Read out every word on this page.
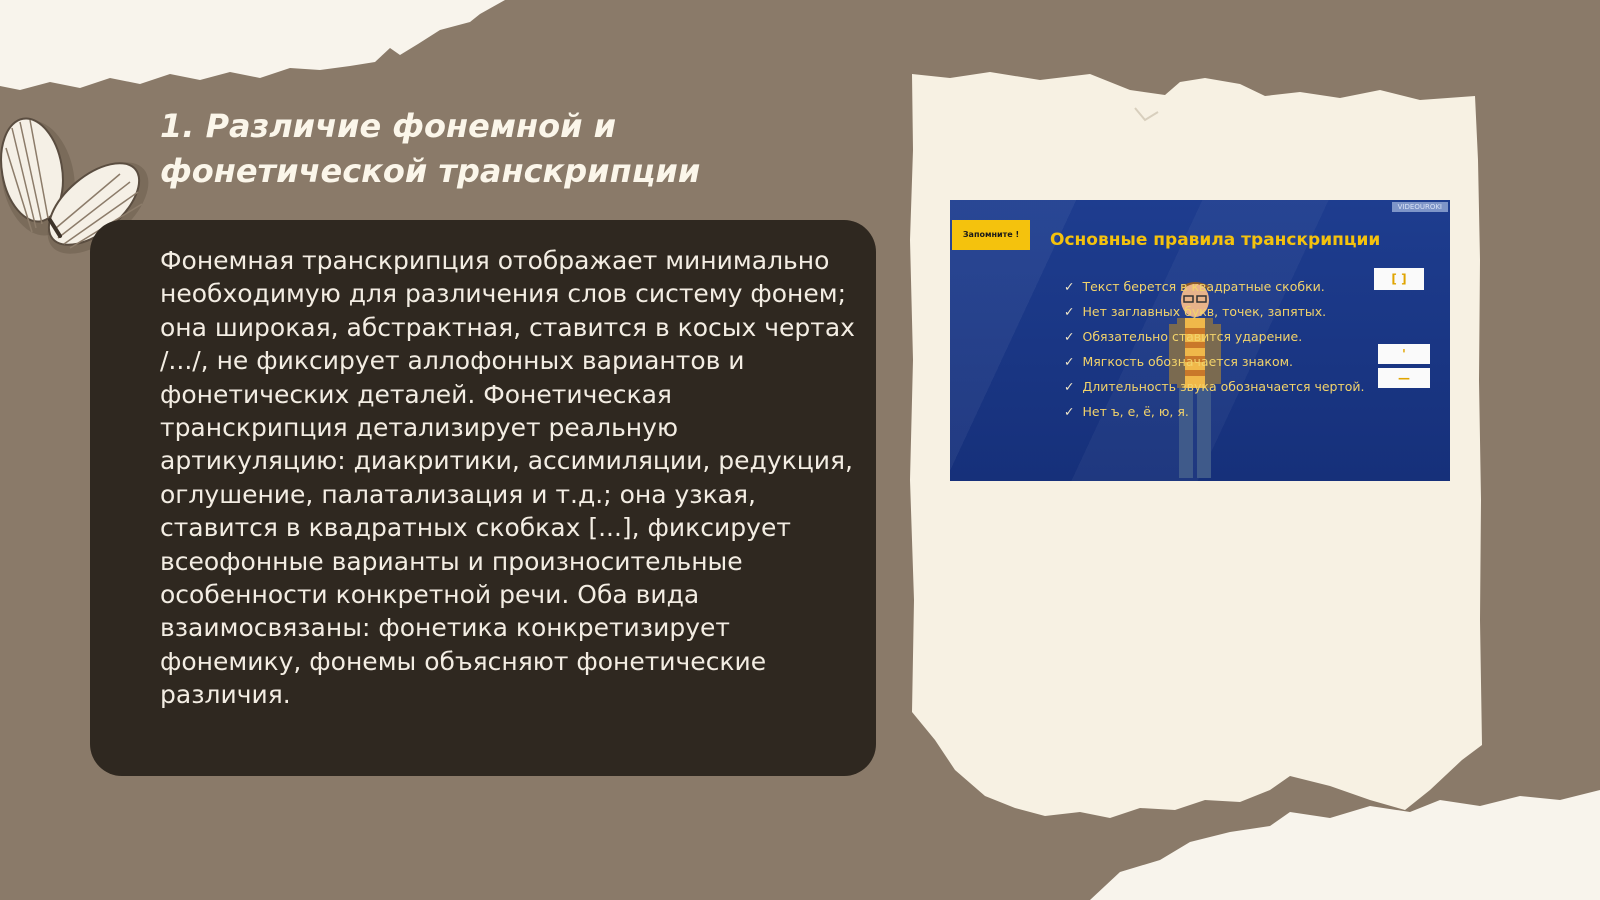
1. Различие фонемной и фонетической транскрипции

Фонемная транскрипция отображает минимально необходимую для различения слов систему фонем; она широкая, абстрактная, ставится в косых чертах /.../, не фиксирует аллофонных вариантов и фонетических деталей. Фонетическая транскрипция детализирует реальную артикуляцию: диакритики, ассимиляции, редукция, оглушение, палатализация и т.д.; она узкая, ставится в квадратных скобках [...], фиксирует всеофонные варианты и произносительные особенности конкретной речи. Оба вида взаимосвязаны: фонетика конкретизирует фонемику, фонемы объясняют фонетические различия.

Запомните !
VIDEOUROKI
Основные правила транскрипции
✓ Текст берется в квадратные скобки.
✓ Нет заглавных букв, точек, запятых.
✓ Обязательно ставится ударение.
✓ Мягкость обозначается знаком.
✓ Длительность звука обозначается чертой.
✓ Нет ъ, е, ё, ю, я.
[ ]
'
—
